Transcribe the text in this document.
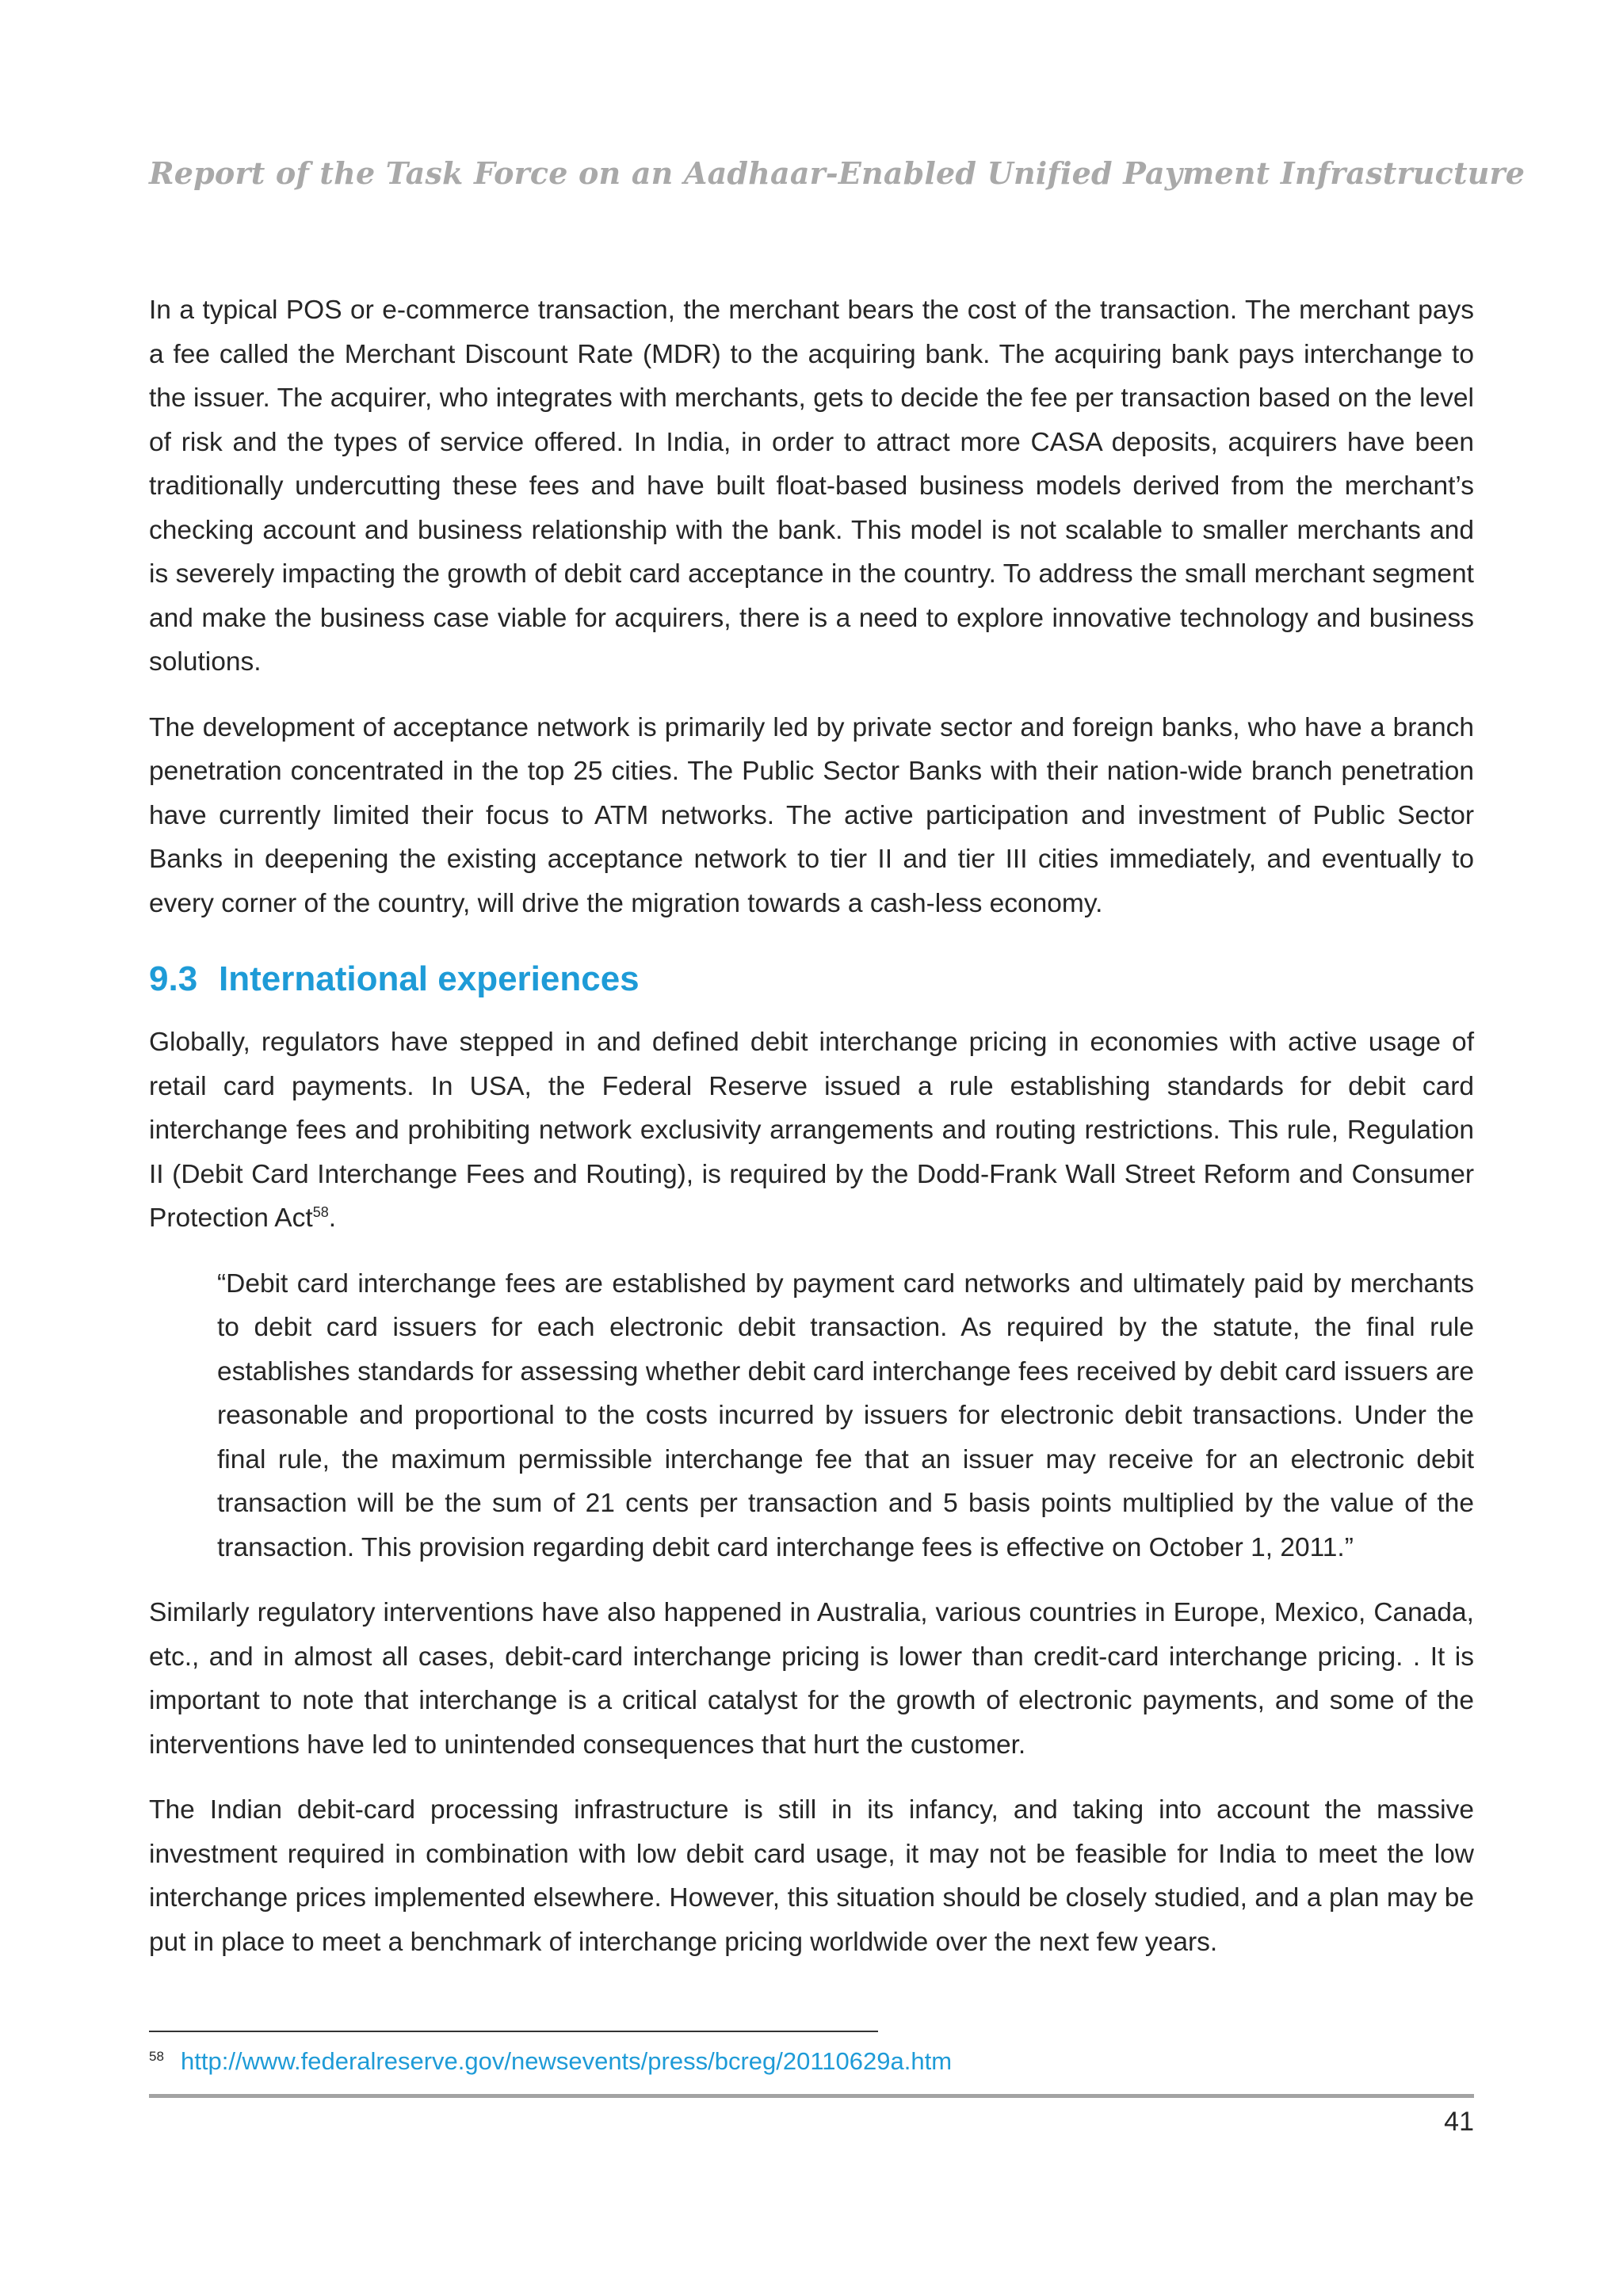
Report of the Task Force on an Aadhaar-Enabled Unified Payment Infrastructure

In a typical POS or e-commerce transaction, the merchant bears the cost of the transaction. The merchant pays a fee called the Merchant Discount Rate (MDR) to the acquiring bank. The acquiring bank pays interchange to the issuer. The acquirer, who integrates with merchants, gets to decide the fee per transaction based on the level of risk and the types of service offered. In India, in order to attract more CASA deposits, acquirers have been traditionally undercutting these fees and have built float-based business models derived from the merchant’s checking account and business relationship with the bank. This model is not scalable to smaller merchants and is severely impacting the growth of debit card acceptance in the country. To address the small merchant segment and make the business case viable for acquirers, there is a need to explore innovative technology and business solutions.

The development of acceptance network is primarily led by private sector and foreign banks, who have a branch penetration concentrated in the top 25 cities. The Public Sector Banks with their nation-wide branch penetration have currently limited their focus to ATM networks. The active participation and investment of Public Sector Banks in deepening the existing acceptance network to tier II and tier III cities immediately, and eventually to every corner of the country, will drive the migration towards a cash-less economy.

9.3 International experiences

Globally, regulators have stepped in and defined debit interchange pricing in economies with active usage of retail card payments. In USA, the Federal Reserve issued a rule establishing standards for debit card interchange fees and prohibiting network exclusivity arrangements and routing restrictions. This rule, Regulation II (Debit Card Interchange Fees and Routing), is required by the Dodd-Frank Wall Street Reform and Consumer Protection Act$^{58}$.

“Debit card interchange fees are established by payment card networks and ultimately paid by merchants to debit card issuers for each electronic debit transaction. As required by the statute, the final rule establishes standards for assessing whether debit card interchange fees received by debit card issuers are reasonable and proportional to the costs incurred by issuers for electronic debit transactions. Under the final rule, the maximum permissible interchange fee that an issuer may receive for an electronic debit transaction will be the sum of 21 cents per transaction and 5 basis points multiplied by the value of the transaction. This provision regarding debit card interchange fees is effective on October 1, 2011.”

Similarly regulatory interventions have also happened in Australia, various countries in Europe, Mexico, Canada, etc., and in almost all cases, debit-card interchange pricing is lower than credit-card interchange pricing. . It is important to note that interchange is a critical catalyst for the growth of electronic payments, and some of the interventions have led to unintended consequences that hurt the customer.

The Indian debit-card processing infrastructure is still in its infancy, and taking into account the massive investment required in combination with low debit card usage, it may not be feasible for India to meet the low interchange prices implemented elsewhere. However, this situation should be closely studied, and a plan may be put in place to meet a benchmark of interchange pricing worldwide over the next few years.

58 http://www.federalreserve.gov/newsevents/press/bcreg/20110629a.htm
41
